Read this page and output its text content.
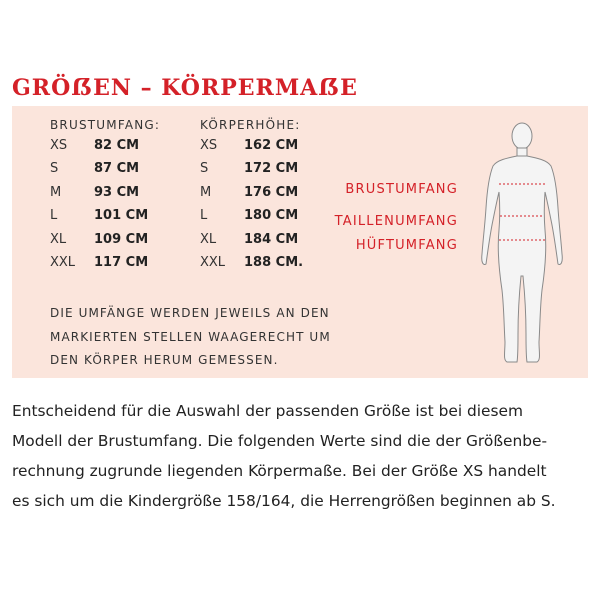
GRÖẞEN – KÖRPERMAẞE
BRUSTUMFANG:
XS 82 CM
S	87 CM
M	93 CM
L	101 CM
XL 109 CM
XXL 117 CM
KÖRPERHÖHE:
XS 162 CM
S	172 CM
M	176 CM
L	180 CM
XL 184 CM
XXL 188 CM.
DIE UMFÄNGE WERDEN JEWEILS AN DEN
MARKIERTEN STELLEN WAAGERECHT UM
DEN KÖRPER HERUM GEMESSEN.
BRUSTUMFANG
TAILLENUMFANG
HÜFTUMFANG

Entscheidend für die Auswahl der passenden Größe ist bei diesem

Modell der Brustumfang. Die folgenden Werte sind die der Größenbe-

rechnung zugrunde liegenden Körpermaße. Bei der Größe XS handelt

es sich um die Kindergröße 158/164, die Herrengrößen beginnen ab S.
